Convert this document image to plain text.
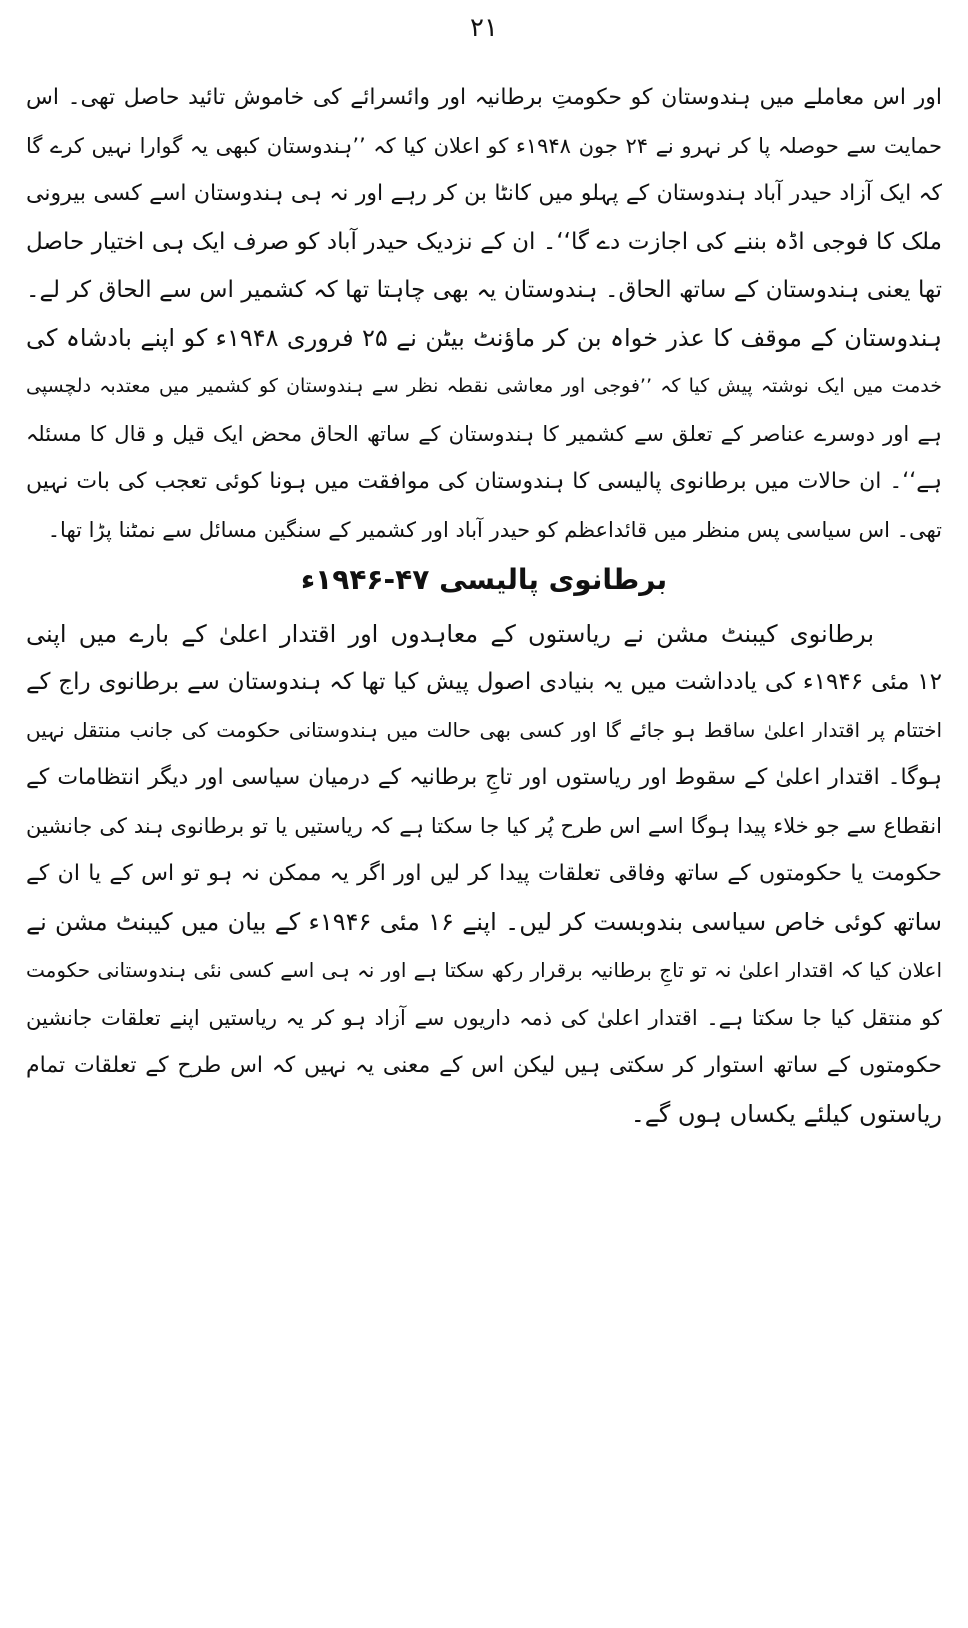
۲۱
اور اس معاملے میں ہندوستان کو حکومتِ برطانیہ اور وائسرائے کی خاموش تائید حاصل تھی۔ اس
حمایت سے حوصلہ پا کر نہرو نے ۲۴ جون ۱۹۴۸ء کو اعلان کیا کہ ’’ہندوستان کبھی یہ گوارا نہیں کرے گا
کہ ایک آزاد حیدر آباد ہندوستان کے پہلو میں کانٹا بن کر رہے اور نہ ہی ہندوستان اسے کسی بیرونی
ملک کا فوجی اڈہ بننے کی اجازت دے گا‘‘۔ ان کے نزدیک حیدر آباد کو صرف ایک ہی اختیار حاصل
تھا یعنی ہندوستان کے ساتھ الحاق۔ ہندوستان یہ بھی چاہتا تھا کہ کشمیر اس سے الحاق کر لے۔
ہندوستان کے موقف کا عذر خواہ بن کر ماؤنٹ بیٹن نے ۲۵ فروری ۱۹۴۸ء کو اپنے بادشاہ کی
خدمت میں ایک نوشتہ پیش کیا کہ ’’فوجی اور معاشی نقطہ نظر سے ہندوستان کو کشمیر میں معتدبہ دلچسپی
ہے اور دوسرے عناصر کے تعلق سے کشمیر کا ہندوستان کے ساتھ الحاق محض ایک قیل و قال کا مسئلہ
ہے‘‘۔ ان حالات میں برطانوی پالیسی کا ہندوستان کی موافقت میں ہونا کوئی تعجب کی بات نہیں
تھی۔ اس سیاسی پس منظر میں قائداعظم کو حیدر آباد اور کشمیر کے سنگین مسائل سے نمٹنا پڑا تھا۔
برطانوی پالیسی ۴۷-۱۹۴۶ء
برطانوی کیبنٹ مشن نے ریاستوں کے معاہدوں اور اقتدار اعلیٰ کے بارے میں اپنی
۱۲ مئی ۱۹۴۶ء کی یادداشت میں یہ بنیادی اصول پیش کیا تھا کہ ہندوستان سے برطانوی راج کے
اختتام پر اقتدار اعلیٰ ساقط ہو جائے گا اور کسی بھی حالت میں ہندوستانی حکومت کی جانب منتقل نہیں
ہوگا۔ اقتدار اعلیٰ کے سقوط اور ریاستوں اور تاجِ برطانیہ کے درمیان سیاسی اور دیگر انتظامات کے
انقطاع سے جو خلاء پیدا ہوگا اسے اس طرح پُر کیا جا سکتا ہے کہ ریاستیں یا تو برطانوی ہند کی جانشین
حکومت یا حکومتوں کے ساتھ وفاقی تعلقات پیدا کر لیں اور اگر یہ ممکن نہ ہو تو اس کے یا ان کے
ساتھ کوئی خاص سیاسی بندوبست کر لیں۔ اپنے ۱۶ مئی ۱۹۴۶ء کے بیان میں کیبنٹ مشن نے
اعلان کیا کہ اقتدار اعلیٰ نہ تو تاجِ برطانیہ برقرار رکھ سکتا ہے اور نہ ہی اسے کسی نئی ہندوستانی حکومت
کو منتقل کیا جا سکتا ہے۔ اقتدار اعلیٰ کی ذمہ داریوں سے آزاد ہو کر یہ ریاستیں اپنے تعلقات جانشین
حکومتوں کے ساتھ استوار کر سکتی ہیں لیکن اس کے معنی یہ نہیں کہ اس طرح کے تعلقات تمام
ریاستوں کیلئے یکساں ہوں گے۔
